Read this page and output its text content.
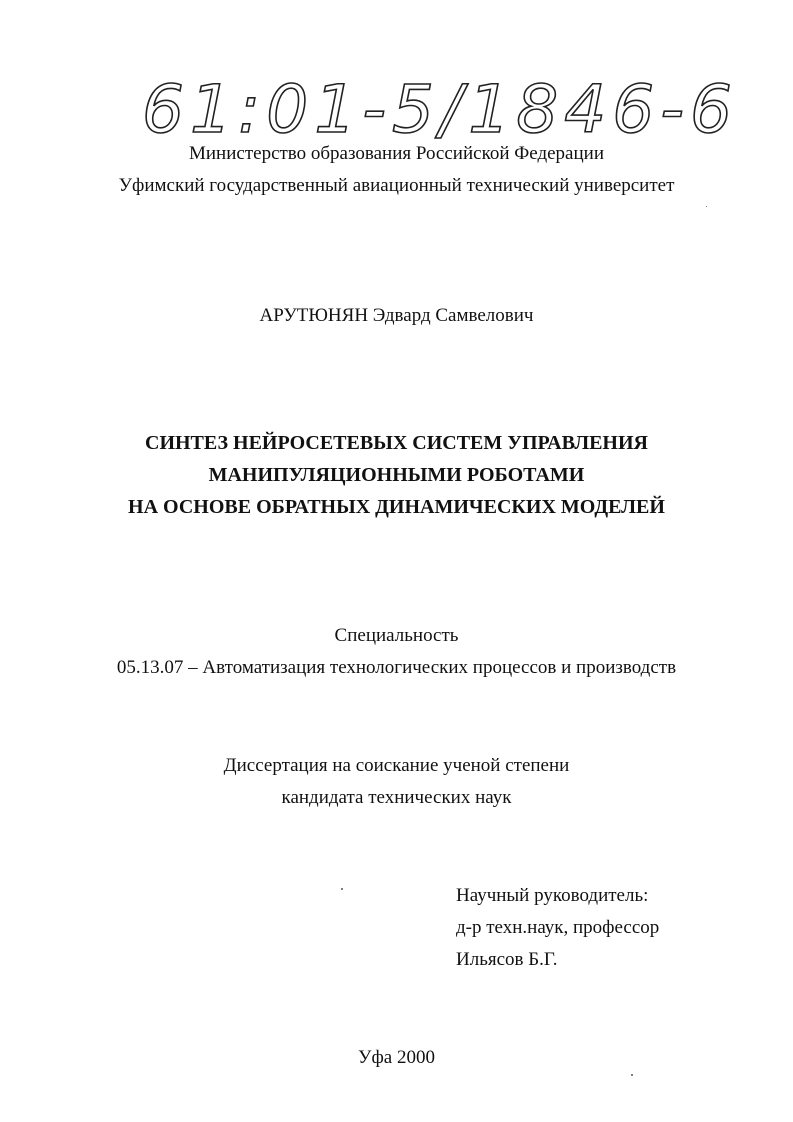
61:01-5/1846-6
Министерство образования Российской Федерации
Уфимский государственный авиационный технический университет
АРУТЮНЯН Эдвард Самвелович
СИНТЕЗ НЕЙРОСЕТЕВЫХ СИСТЕМ УПРАВЛЕНИЯ
МАНИПУЛЯЦИОННЫМИ РОБОТАМИ
НА ОСНОВЕ ОБРАТНЫХ ДИНАМИЧЕСКИХ МОДЕЛЕЙ
Специальность
05.13.07 – Автоматизация технологических процессов и производств
Диссертация на соискание ученой степени
кандидата технических наук
Научный руководитель:
д-р техн.наук, профессор
Ильясов Б.Г.
Уфа 2000
